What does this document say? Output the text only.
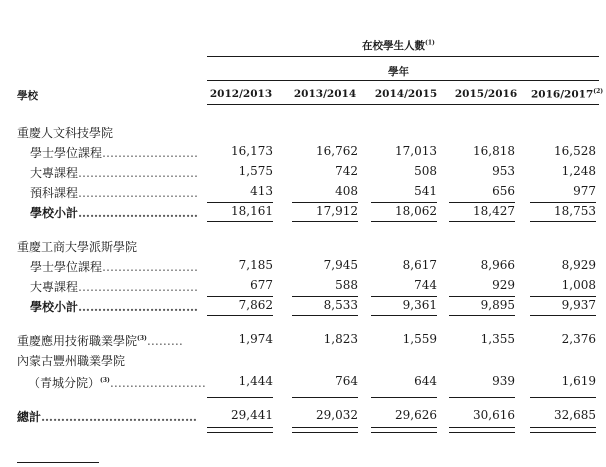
在校學生人數$^{(1)}$
學年
學校	2012/2013	2013/2014	2014/2015	2015/2016	2016/2017$^{(2)}$
重慶人文科技學院
學士學位課程……………………	16,173	16,762	17,013	16,818	16,528
大專課程…………………………	1,575	742	508	953	1,248
預科課程…………………………	413	408	541	656	977
學校小計…………………………	18,161	17,912	18,062	18,427	18,753
重慶工商大學派斯學院
學士學位課程……………………	7,185	7,945	8,617	8,966	8,929
大專課程…………………………	677	588	744	929	1,008
學校小計…………………………	7,862	8,533	9,361	9,895	9,937
重慶應用技術職業學院$^{(3)}$………	1,974	1,823	1,559	1,355	2,376
內蒙古豐州職業學院
（青城分院）$^{(3)}$……………………	1,444	764	644	939	1,619
總計…………………………………	29,441	29,032	29,626	30,616	32,685
